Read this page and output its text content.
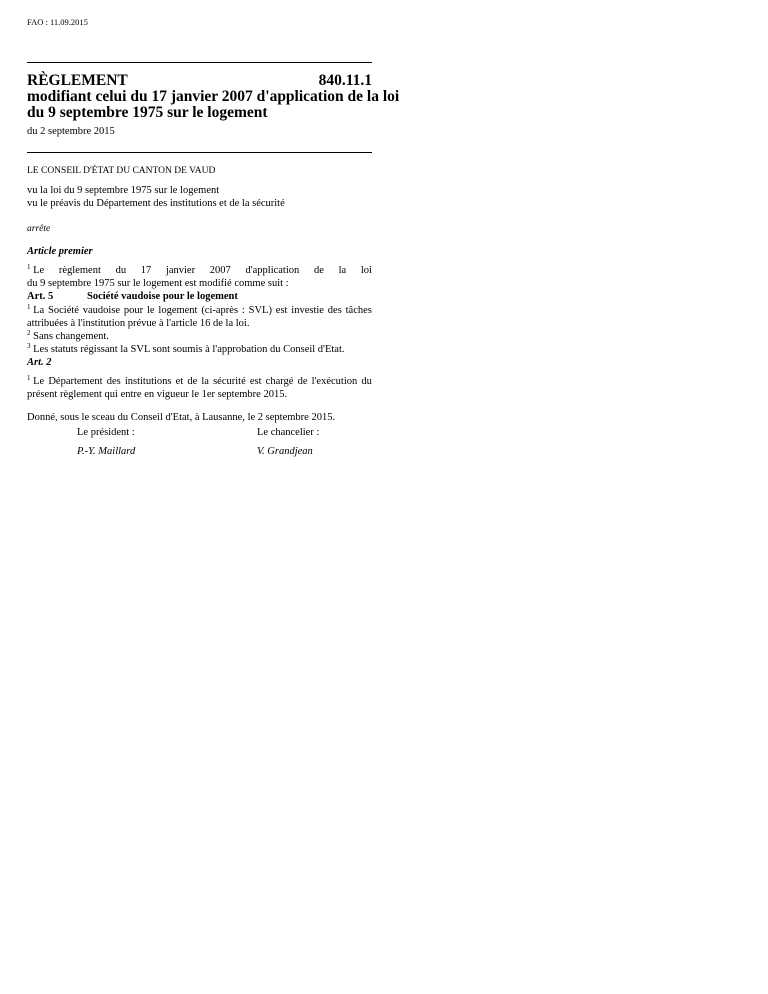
FAO : 11.09.2015
RÈGLEMENT	840.11.1
modifiant celui du 17 janvier 2007 d'application de la loi
du 9 septembre 1975 sur le logement
du 2 septembre 2015
LE CONSEIL D'ÉTAT DU CANTON DE VAUD
vu la loi du 9 septembre 1975 sur le logement
vu le préavis du Département des institutions et de la sécurité
arrête
Article premier
$^1$ Le règlement du 17 janvier 2007 d'application de la loi
du 9 septembre 1975 sur le logement est modifié comme suit :
Art. 5	Société vaudoise pour le logement
$^1$ La Société vaudoise pour le logement (ci-après : SVL) est investie des tâches
attribuées à l'institution prévue à l'article 16 de la loi.
$^2$ Sans changement.
$^3$ Les statuts régissant la SVL sont soumis à l'approbation du Conseil d'Etat.
Art. 2
$^1$ Le Département des institutions et de la sécurité est chargé de l'exécution du
présent règlement qui entre en vigueur le 1er septembre 2015.
Donné, sous le sceau du Conseil d'Etat, à Lausanne, le 2 septembre 2015.
Le président :	Le chancelier :
P.-Y. Maillard	V. Grandjean
